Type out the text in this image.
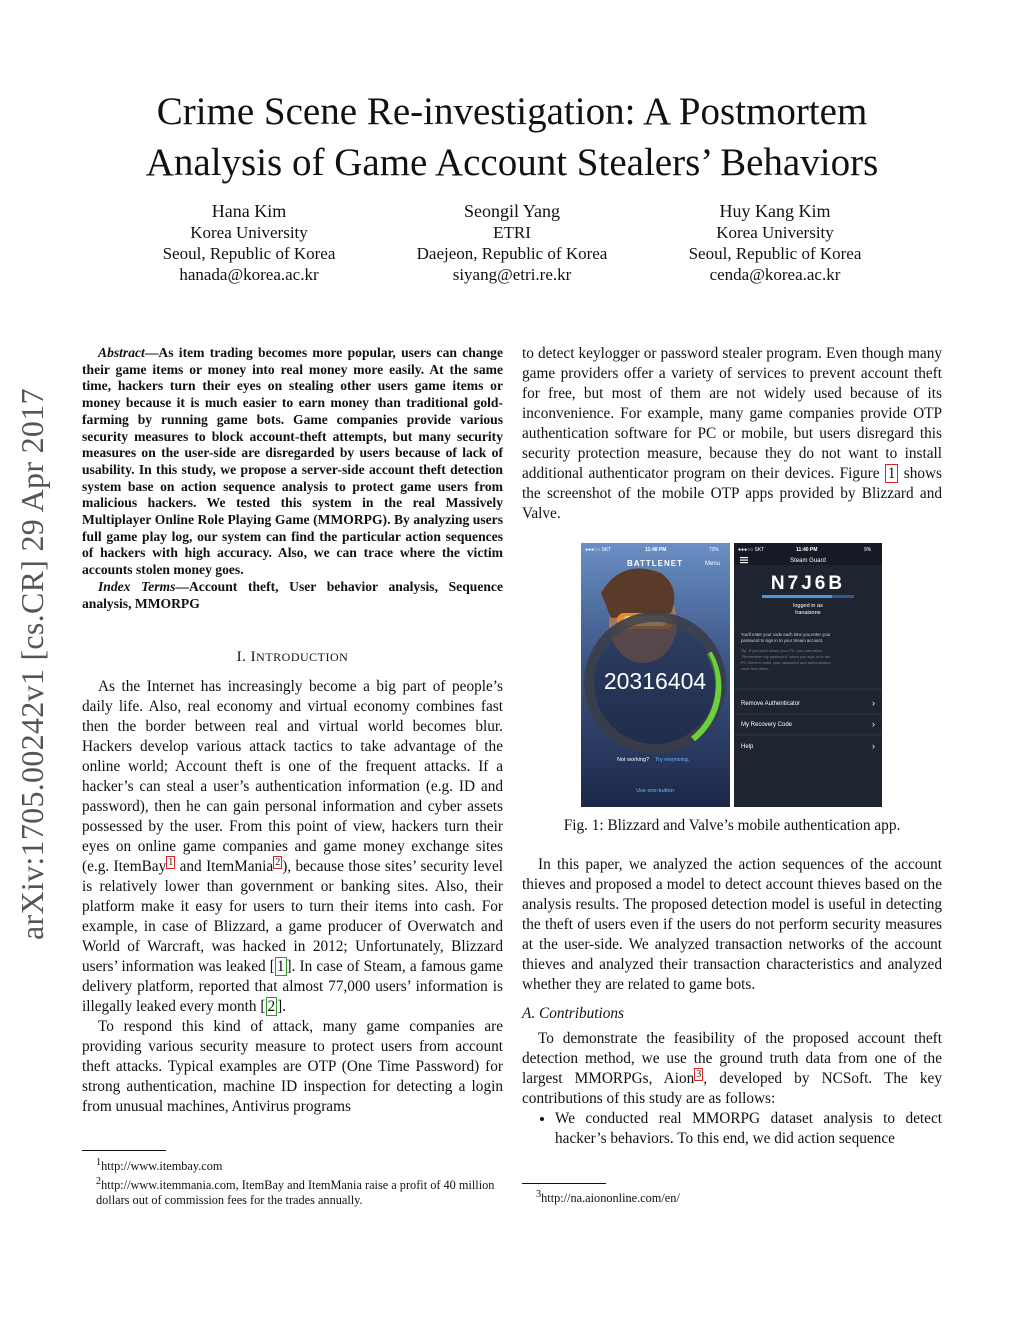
arXiv:1705.00242v1 [cs.CR] 29 Apr 2017
Crime Scene Re-investigation: A Postmortem
Analysis of Game Account Stealers’ Behaviors
Hana Kim
Korea University
Seoul, Republic of Korea
hanada@korea.ac.kr
Seongil Yang
ETRI
Daejeon, Republic of Korea
siyang@etri.re.kr
Huy Kang Kim
Korea University
Seoul, Republic of Korea
cenda@korea.ac.kr

Abstract—As item trading becomes more popular, users can change their game items or money into real money more easily. At the same time, hackers turn their eyes on stealing other users game items or money because it is much easier to earn money than traditional gold-farming by running game bots. Game companies provide various security measures to block account-theft attempts, but many security measures on the user-side are disregarded by users because of lack of usability. In this study, we propose a server-side account theft detection system base on action sequence analysis to protect game users from malicious hackers. We tested this system in the real Massively Multiplayer Online Role Playing Game (MMORPG). By analyzing users full game play log, our system can find the particular action sequences of hackers with high accuracy. Also, we can trace where the victim accounts stolen money goes.

Index Terms—Account theft, User behavior analysis, Sequence analysis, MMORPG

I. INTRODUCTION
As the Internet has increasingly become a big part of people’s daily life. Also, real economy and virtual economy combines fast then the border between real and virtual world becomes blur. Hackers develop various attack tactics to take advantage of the online world; Account theft is one of the frequent attacks. If a hacker’s can steal a user’s authentication information (e.g. ID and password), then he can gain personal information and cyber assets possessed by the user. From this point of view, hackers turn their eyes on online game companies and game money exchange sites (e.g. ItemBay $^1$ and ItemMania $^2$ ), because those sites’ security level is relatively lower than government or banking sites. Also, their platform make it easy for users to turn their items into cash. For example, in case of Blizzard, a game producer of Overwatch and World of Warcraft, was hacked in 2012; Unfortunately, Blizzard users’ information was leaked [ 1 ]. In case of Steam, a famous game delivery platform, reported that almost 77,000 users’ information is illegally leaked every month [ 2 ].
To respond this kind of attack, many game companies are providing various security measure to protect users from account theft attacks. Typical examples are OTP (One Time Password) for strong authentication, machine ID inspection for detecting a login from unusual machines, Antivirus programs
$^1$http://www.itembay.com
$^2$http://www.itemmania.com, ItemBay and ItemMania raise a profit of 40 million dollars out of commission fees for the trades annually.
to detect keylogger or password stealer program. Even though many game providers offer a variety of services to prevent account theft for free, but most of them are not widely used because of its inconvenience. For example, many game companies provide OTP authentication software for PC or mobile, but users disregard this security protection measure, because they do not want to install additional authenticator program on their devices. Figure 1 shows the screenshot of the mobile OTP apps provided by Blizzard and Valve.
●●●○○ SKT	11:48 PM	70%
BATTLENET	Menu
20316404
Not working? Try resyncing.
Use one-button
●●●○○ SKT	11:40 PM	9%
Steam Guard
N7J6B
logged in as
hanaisone
You'll enter your code each time you enter your
password to sign in to your Steam account.
Tip: If you don't share your PC, you can select
"Remember my password" when you sign in to the
PC client to enter your password and authenticator
code less often.
Remove Authenticator	›
My Recovery Code	›
Help	›
Fig. 1: Blizzard and Valve’s mobile authentication app.
In this paper, we analyzed the action sequences of the account thieves and proposed a model to detect account thieves based on the analysis results. The proposed detection model is useful in detecting the theft of users even if the users do not perform security measures at the user-side. We analyzed transaction networks of the account thieves and analyzed their transaction characteristics and analyzed whether they are related to game bots.
A. Contributions
To demonstrate the feasibility of the proposed account theft detection method, we use the ground truth data from one of the largest MMORPGs, Aion $^3$ , developed by NCSoft. The key contributions of this study are as follows:
• We conducted real MMORPG dataset analysis to detect hacker’s behaviors. To this end, we did action sequence
$^3$http://na.aiononline.com/en/
